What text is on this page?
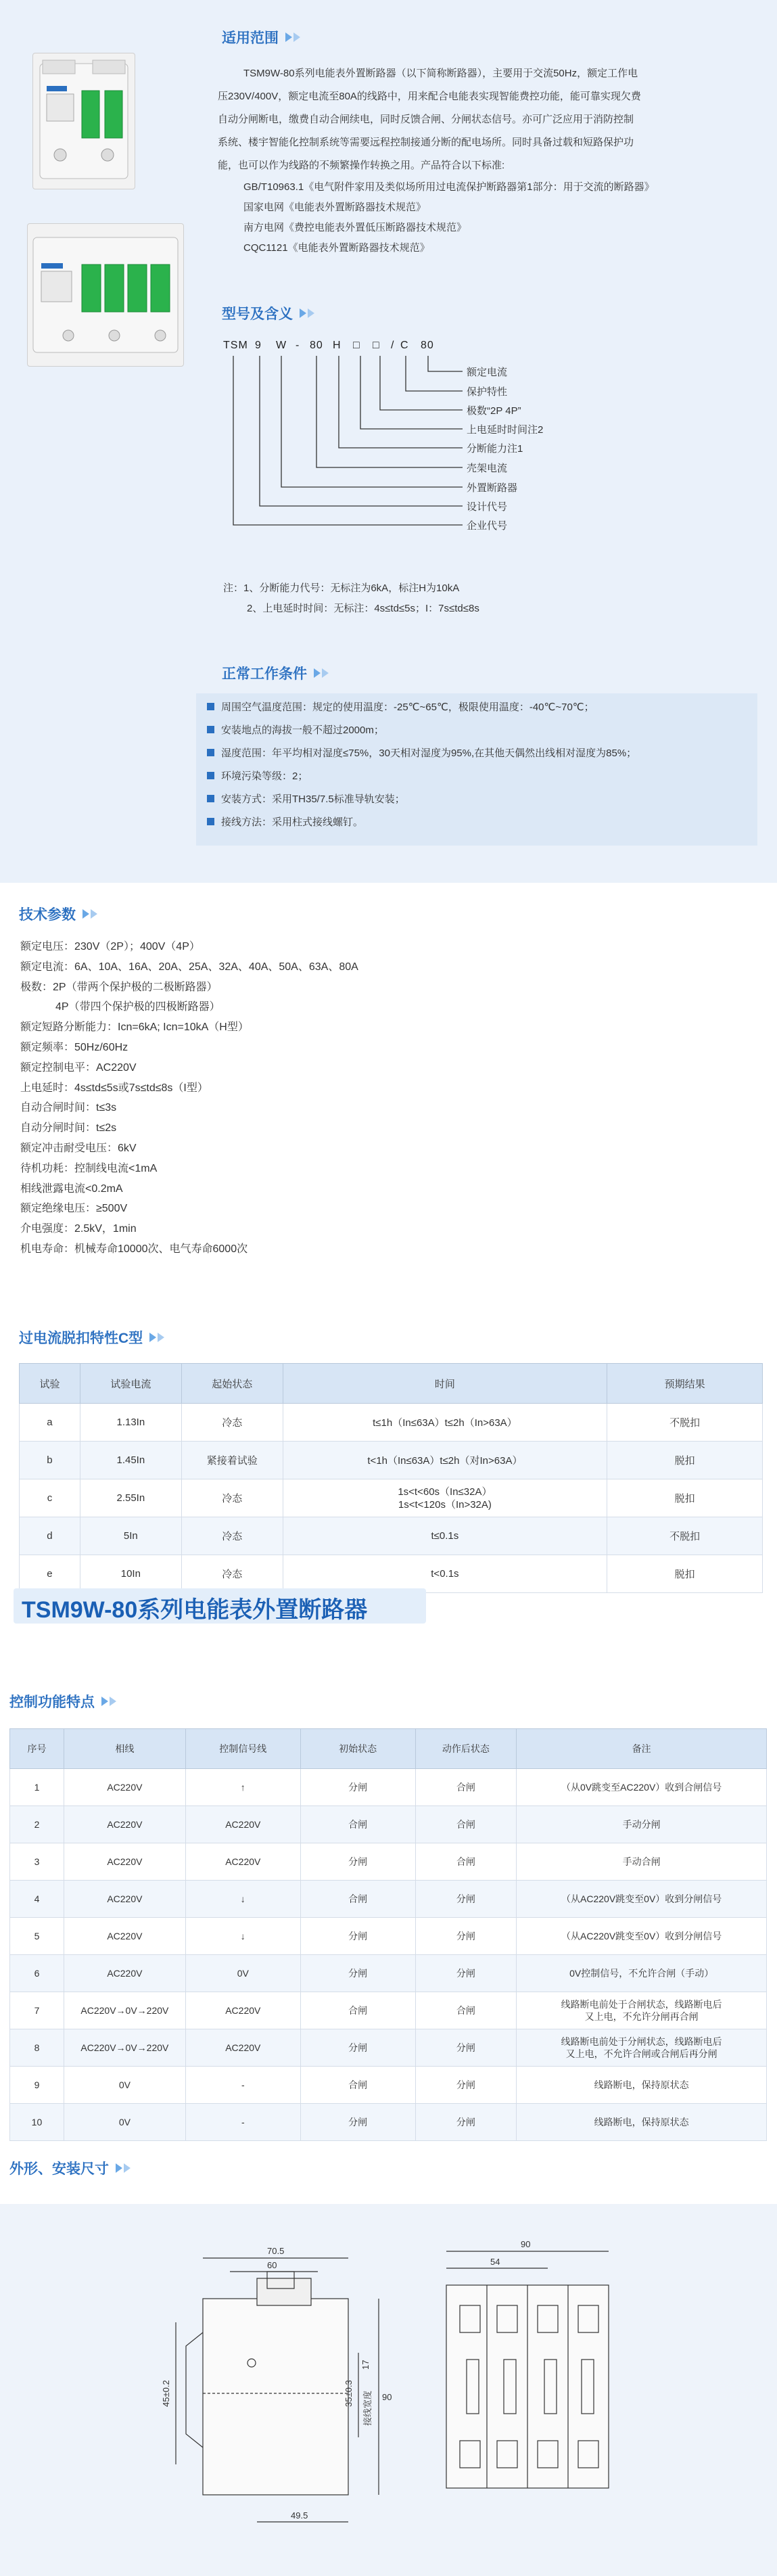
适用范围
TSM9W-80系列电能表外置断路器（以下简称断路器），主要用于交流50Hz，额定工作电
压230V/400V，额定电流至80A的线路中，用来配合电能表实现智能费控功能，能可靠实现欠费
自动分闸断电，缴费自动合闸续电，同时反馈合闸、分闸状态信号。亦可广泛应用于消防控制
系统、楼宇智能化控制系统等需要远程控制接通分断的配电场所。同时具备过载和短路保护功
能，也可以作为线路的不频繁操作转换之用。产品符合以下标准:
GB/T10963.1《电气附件家用及类似场所用过电流保护断路器第1部分：用于交流的断路器》
国家电网《电能表外置断路器技术规范》
南方电网《费控电能表外置低压断路器技术规范》
CQC1121《电能表外置断路器技术规范》
型号及含义
TSM 9 W - 80 H □ □ / C 80
额定电流
保护特性
极数“2P 4P”
上电延时时间注2
分断能力注1
壳架电流
外置断路器
设计代号
企业代号
注：1、分断能力代号：无标注为6kA，标注H为10kA
2、上电延时时间：无标注：4s≤td≤5s；I：7s≤td≤8s
正常工作条件
周围空气温度范围：规定的使用温度：-25℃~65℃，极限使用温度：-40℃~70℃；
安装地点的海拔一般不超过2000m；
湿度范围：年平均相对湿度≤75%，30天相对湿度为95%,在其他天偶然出线相对湿度为85%；
环境污染等级：2；
安装方式：采用TH35/7.5标准导轨安装；
接线方法：采用柱式接线螺钉。
技术参数
额定电压：230V（2P）；400V（4P）
额定电流：6A、10A、16A、20A、25A、32A、40A、50A、63A、80A
极数：2P（带两个保护极的二极断路器）
4P（带四个保护极的四极断路器）
额定短路分断能力：Icn=6kA; Icn=10kA（H型）
额定频率：50Hz/60Hz
额定控制电平：AC220V
上电延时：4s≤td≤5s或7s≤td≤8s（I型）
自动合闸时间：t≤3s
自动分闸时间：t≤2s
额定冲击耐受电压：6kV
待机功耗：控制线电流<1mA
相线泄露电流<0.2mA
额定绝缘电压：≥500V
介电强度：2.5kV，1min
机电寿命：机械寿命10000次、电气寿命6000次
过电流脱扣特性C型
试验	试验电流	起始状态	时间	预期结果
a	1.13In	冷态	t≤1h（In≤63A）t≤2h（In>63A）	不脱扣
b	1.45In	紧接着试验	t<1h（In≤63A）t≤2h（对In>63A）	脱扣
c	2.55In	冷态	1s<t<60s（In≤32A）
1s<t<120s（In>32A)	脱扣
d	5In	冷态	t≤0.1s	不脱扣
e	10In	冷态	t<0.1s	脱扣
TSM9W-80系列电能表外置断路器
控制功能特点
序号	相线	控制信号线	初始状态	动作后状态	备注
1	AC220V	↑	分闸	合闸	（从0V跳变至AC220V）收到合闸信号
2	AC220V	AC220V	合闸	合闸	手动分闸
3	AC220V	AC220V	分闸	合闸	手动合闸
4	AC220V	↓	合闸	分闸	（从AC220V跳变至0V）收到分闸信号
5	AC220V	↓	分闸	分闸	（从AC220V跳变至0V）收到分闸信号
6	AC220V	0V	分闸	分闸	0V控制信号，不允许合闸（手动）
7	AC220V→0V→220V	AC220V	合闸	合闸	线路断电前处于合闸状态，线路断电后
又上电，不允许分闸再合闸
8	AC220V→0V→220V	AC220V	分闸	分闸	线路断电前处于分闸状态，线路断电后
又上电，不允许合闸或合闸后再分闸
9	0V	-	合闸	分闸	线路断电，保持原状态
10	0V	-	分闸	分闸	线路断电，保持原状态
外形、安装尺寸
70.5
60
45±0.2	35±0.3
17
90
49.5
90
54
接线宽度
